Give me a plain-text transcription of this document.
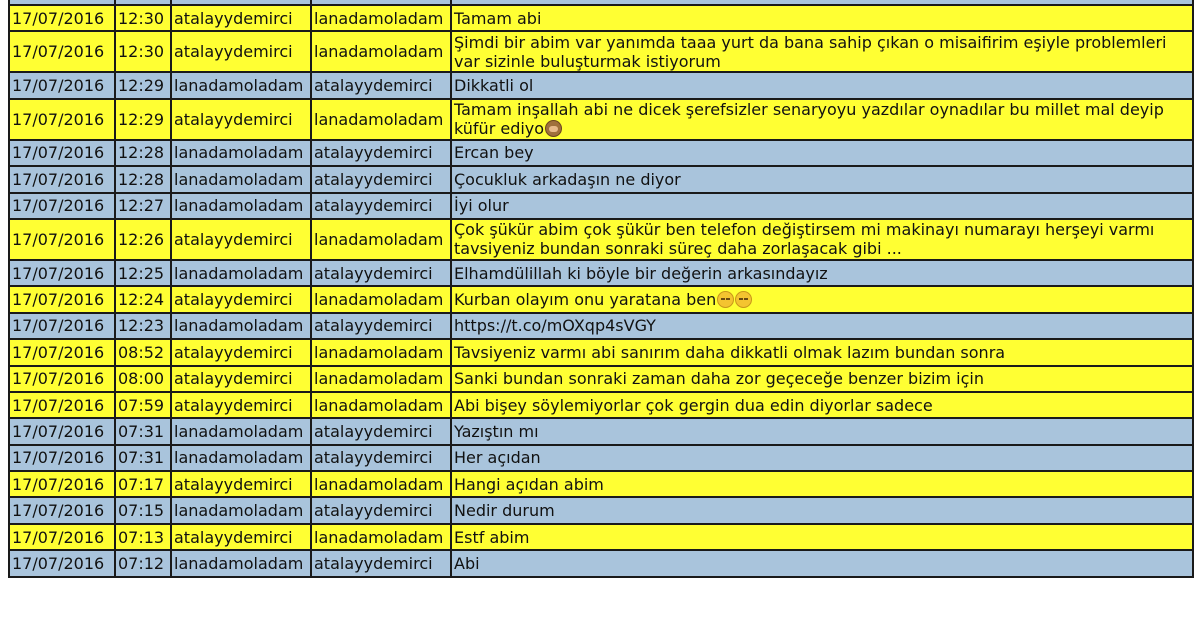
17/07/2016	12:30	atalayydemirci	lanadamoladam	Tamam abi
17/07/2016	12:30	atalayydemirci	lanadamoladam	Şimdi bir abim var yanımda taaa yurt da bana sahip çıkan o misaifirim eşiyle problemleri var sizinle buluşturmak istiyorum
17/07/2016	12:29	lanadamoladam	atalayydemirci	Dikkatli ol
17/07/2016	12:29	atalayydemirci	lanadamoladam	Tamam inşallah abi ne dicek şerefsizler senaryoyu yazdılar oynadılar bu millet mal deyip küfür ediyo
17/07/2016	12:28	lanadamoladam	atalayydemirci	Ercan bey
17/07/2016	12:28	lanadamoladam	atalayydemirci	Çocukluk arkadaşın ne diyor
17/07/2016	12:27	lanadamoladam	atalayydemirci	İyi olur
17/07/2016	12:26	atalayydemirci	lanadamoladam	Çok şükür abim çok şükür ben telefon değiştirsem mi makinayı numarayı herşeyi varmı tavsiyeniz bundan sonraki süreç daha zorlaşacak gibi ...
17/07/2016	12:25	lanadamoladam	atalayydemirci	Elhamdülillah ki böyle bir değerin arkasındayız
17/07/2016	12:24	atalayydemirci	lanadamoladam	Kurban olayım onu yaratana ben
17/07/2016	12:23	lanadamoladam	atalayydemirci	https://t.co/mOXqp4sVGY
17/07/2016	08:52	atalayydemirci	lanadamoladam	Tavsiyeniz varmı abi sanırım daha dikkatli olmak lazım bundan sonra
17/07/2016	08:00	atalayydemirci	lanadamoladam	Sanki bundan sonraki zaman daha zor geçeceğe benzer bizim için
17/07/2016	07:59	atalayydemirci	lanadamoladam	Abi bişey söylemiyorlar çok gergin dua edin diyorlar sadece
17/07/2016	07:31	lanadamoladam	atalayydemirci	Yazıştın mı
17/07/2016	07:31	lanadamoladam	atalayydemirci	Her açıdan
17/07/2016	07:17	atalayydemirci	lanadamoladam	Hangi açıdan abim
17/07/2016	07:15	lanadamoladam	atalayydemirci	Nedir durum
17/07/2016	07:13	atalayydemirci	lanadamoladam	Estf abim
17/07/2016	07:12	lanadamoladam	atalayydemirci	Abi
